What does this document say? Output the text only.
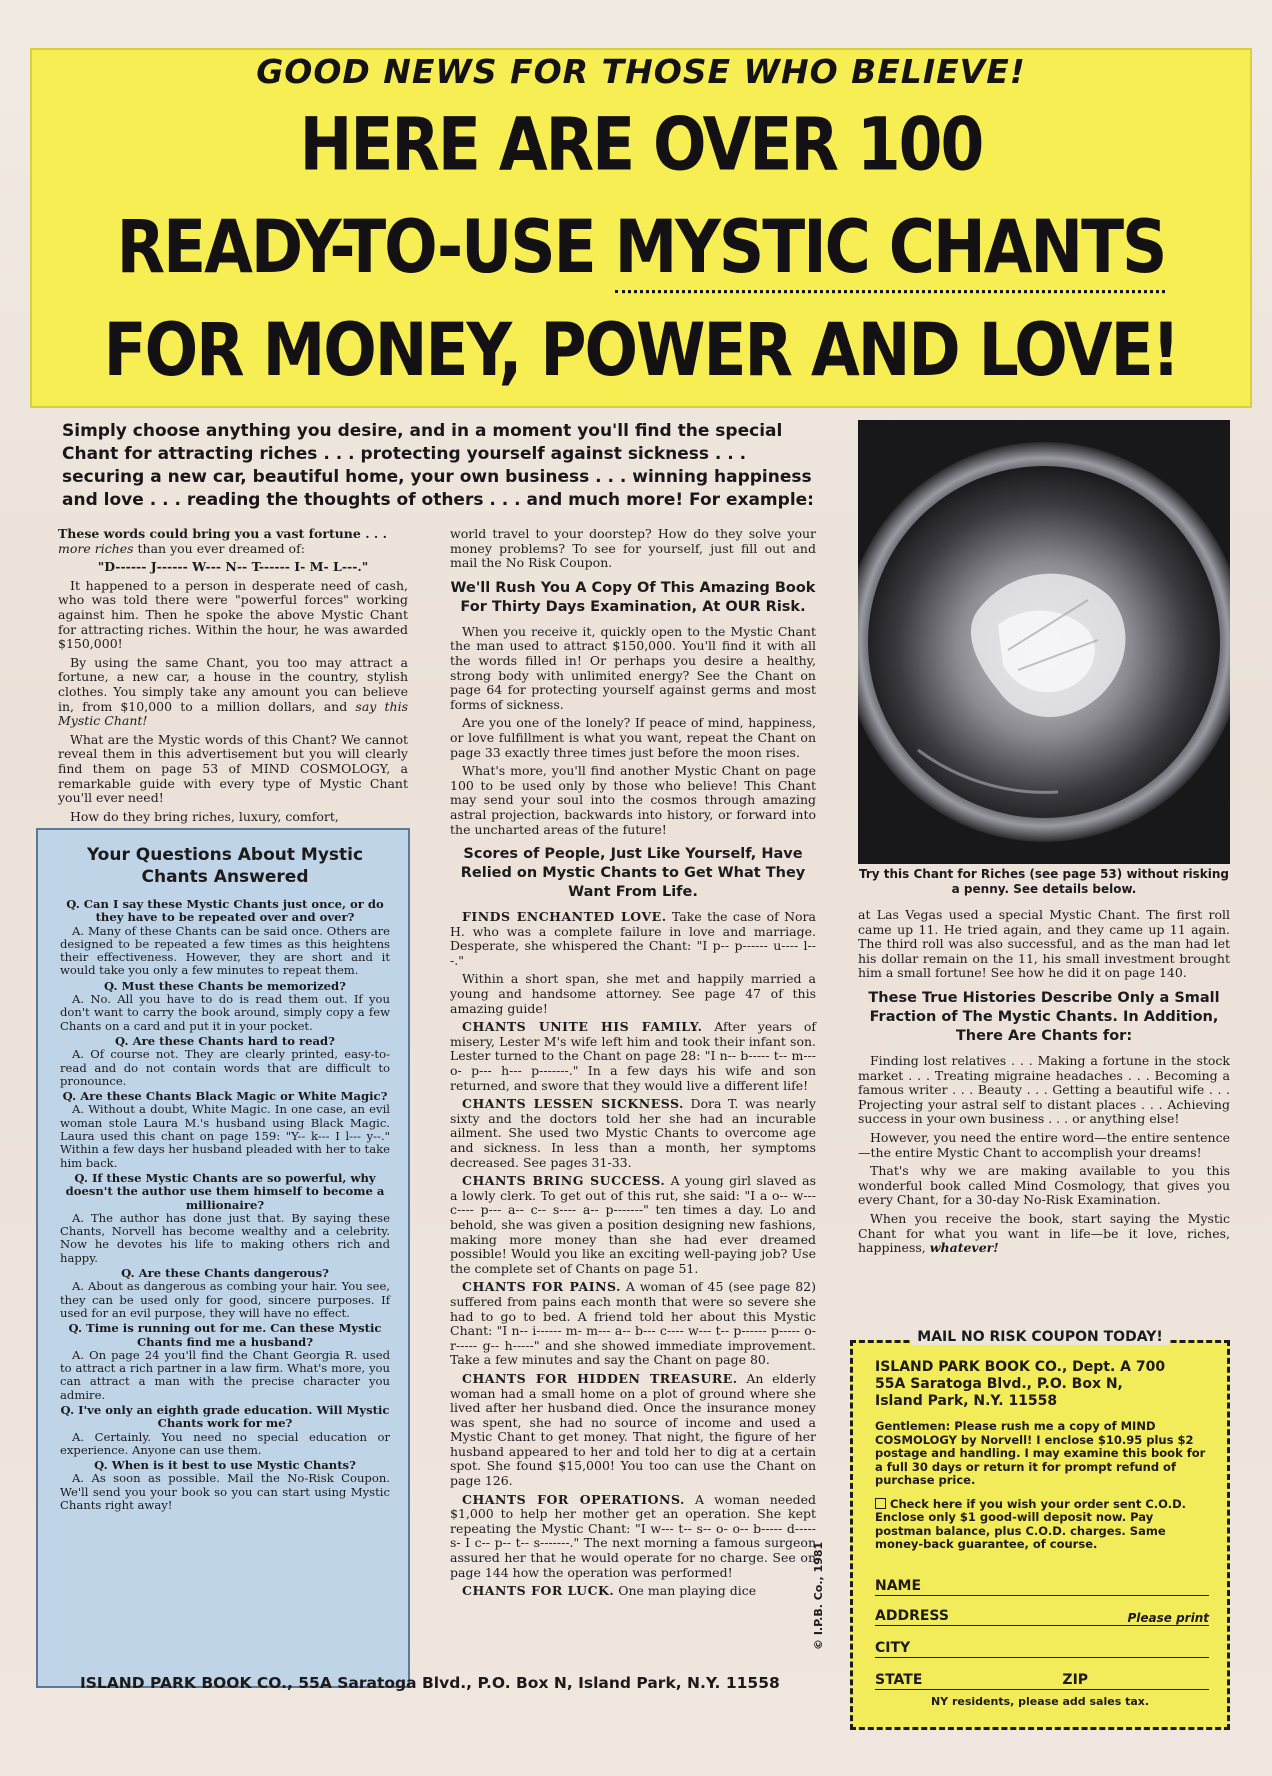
GOOD NEWS FOR THOSE WHO BELIEVE!
HERE ARE OVER 100
READY-TO-USE MYSTIC CHANTS
FOR MONEY, POWER AND LOVE!
Simply choose anything you desire, and in a moment you'll find the special Chant for attracting riches . . . protecting yourself against sickness . . . securing a new car, beautiful home, your own business . . . winning happiness and love . . . reading the thoughts of others . . . and much more! For example:
Try this Chant for Riches (see page 53) without risking a penny. See details below.

These words could bring you a vast fortune . . .
more riches than you ever dreamed of:

"D------ J------ W--- N-- T------ I- M- L---."

It happened to a person in desperate need of cash, who was told there were "powerful forces" working against him. Then he spoke the above Mystic Chant for attracting riches. Within the hour, he was awarded $150,000!

By using the same Chant, you too may attract a fortune, a new car, a house in the country, stylish clothes. You simply take any amount you can believe in, from $10,000 to a million dollars, and say this Mystic Chant!

What are the Mystic words of this Chant? We cannot reveal them in this advertisement but you will clearly find them on page 53 of MIND COSMOLOGY, a remarkable guide with every type of Mystic Chant you'll ever need!

How do they bring riches, luxury, comfort,

Your Questions About Mystic Chants Answered
Q. Can I say these Mystic Chants just once, or do they have to be repeated over and over?
A. Many of these Chants can be said once. Others are designed to be repeated a few times as this heightens their effectiveness. However, they are short and it would take you only a few minutes to repeat them.
Q. Must these Chants be memorized?
A. No. All you have to do is read them out. If you don't want to carry the book around, simply copy a few Chants on a card and put it in your pocket.
Q. Are these Chants hard to read?
A. Of course not. They are clearly printed, easy-to-read and do not contain words that are difficult to pronounce.
Q. Are these Chants Black Magic or White Magic?
A. Without a doubt, White Magic. In one case, an evil woman stole Laura M.'s husband using Black Magic. Laura used this chant on page 159: "Y-- k--- I l--- y--." Within a few days her husband pleaded with her to take him back.
Q. If these Mystic Chants are so powerful, why doesn't the author use them himself to become a millionaire?
A. The author has done just that. By saying these Chants, Norvell has become wealthy and a celebrity. Now he devotes his life to making others rich and happy.
Q. Are these Chants dangerous?
A. About as dangerous as combing your hair. You see, they can be used only for good, sincere purposes. If used for an evil purpose, they will have no effect.
Q. Time is running out for me. Can these Mystic Chants find me a husband?
A. On page 24 you'll find the Chant Georgia R. used to attract a rich partner in a law firm. What's more, you can attract a man with the precise character you admire.
Q. I've only an eighth grade education. Will Mystic Chants work for me?
A. Certainly. You need no special education or experience. Anyone can use them.
Q. When is it best to use Mystic Chants?
A. As soon as possible. Mail the No-Risk Coupon. We'll send you your book so you can start using Mystic Chants right away!

world travel to your doorstep? How do they solve your money problems? To see for yourself, just fill out and mail the No Risk Coupon.

We'll Rush You A Copy Of This Amazing Book For Thirty Days Examination, At OUR Risk.

When you receive it, quickly open to the Mystic Chant the man used to attract $150,000. You'll find it with all the words filled in! Or perhaps you desire a healthy, strong body with unlimited energy? See the Chant on page 64 for protecting yourself against germs and most forms of sickness.

Are you one of the lonely? If peace of mind, happiness, or love fulfillment is what you want, repeat the Chant on page 33 exactly three times just before the moon rises.

What's more, you'll find another Mystic Chant on page 100 to be used only by those who believe! This Chant may send your soul into the cosmos through amazing astral projection, backwards into history, or forward into the uncharted areas of the future!

Scores of People, Just Like Yourself, Have Relied on Mystic Chants to Get What They Want From Life.

FINDS ENCHANTED LOVE. Take the case of Nora H. who was a complete failure in love and marriage. Desperate, she whispered the Chant: "I p-- p------ u---- l---."

Within a short span, she met and happily married a young and handsome attorney. See page 47 of this amazing guide!

CHANTS UNITE HIS FAMILY. After years of misery, Lester M's wife left him and took their infant son. Lester turned to the Chant on page 28: "I n-- b----- t-- m--- o- p--- h--- p-------." In a few days his wife and son returned, and swore that they would live a different life!

CHANTS LESSEN SICKNESS. Dora T. was nearly sixty and the doctors told her she had an incurable ailment. She used two Mystic Chants to overcome age and sickness. In less than a month, her symptoms decreased. See pages 31-33.

CHANTS BRING SUCCESS. A young girl slaved as a lowly clerk. To get out of this rut, she said: "I a o-- w--- c---- p--- a-- c-- s---- a-- p-------" ten times a day. Lo and behold, she was given a position designing new fashions, making more money than she had ever dreamed possible! Would you like an exciting well-paying job? Use the complete set of Chants on page 51.

CHANTS FOR PAINS. A woman of 45 (see page 82) suffered from pains each month that were so severe she had to go to bed. A friend told her about this Mystic Chant: "I n-- i------ m- m--- a-- b--- c---- w--- t-- p------ p----- o- r----- g-- h-----" and she showed immediate improvement. Take a few minutes and say the Chant on page 80.

CHANTS FOR HIDDEN TREASURE. An elderly woman had a small home on a plot of ground where she lived after her husband died. Once the insurance money was spent, she had no source of income and used a Mystic Chant to get money. That night, the figure of her husband appeared to her and told her to dig at a certain spot. She found $15,000! You too can use the Chant on page 126.

CHANTS FOR OPERATIONS. A woman needed $1,000 to help her mother get an operation. She kept repeating the Mystic Chant: "I w--- t-- s-- o- o-- b----- d----- s- I c-- p-- t-- s-------." The next morning a famous surgeon assured her that he would operate for no charge. See on page 144 how the operation was performed!

CHANTS FOR LUCK. One man playing dice

at Las Vegas used a special Mystic Chant. The first roll came up 11. He tried again, and they came up 11 again. The third roll was also successful, and as the man had let his dollar remain on the 11, his small investment brought him a small fortune! See how he did it on page 140.

These True Histories Describe Only a Small Fraction of The Mystic Chants. In Addition, There Are Chants for:

Finding lost relatives . . . Making a fortune in the stock market . . . Treating migraine headaches . . . Becoming a famous writer . . . Beauty . . . Getting a beautiful wife . . . Projecting your astral self to distant places . . . Achieving success in your own business . . . or anything else!

However, you need the entire word—the entire sentence—the entire Mystic Chant to accomplish your dreams!

That's why we are making available to you this wonderful book called Mind Cosmology, that gives you every Chant, for a 30-day No-Risk Examination.

When you receive the book, start saying the Mystic Chant for what you want in life—be it love, riches, happiness, whatever!

ISLAND PARK BOOK CO., Dept. A 700
55A Saratoga Blvd., P.O. Box N,
Island Park, N.Y. 11558
Gentlemen: Please rush me a copy of MIND COSMOLOGY by Norvell! I enclose $10.95 plus $2 postage and handling. I may examine this book for a full 30 days or return it for prompt refund of purchase price.
Check here if you wish your order sent C.O.D. Enclose only $1 good-will deposit now. Pay postman balance, plus C.O.D. charges. Same money-back guarantee, of course.
NAME
Please print
ADDRESS
CITY
STATE	ZIP
NY residents, please add sales tax.
MAIL NO RISK COUPON TODAY!
© I.P.B. Co., 1981
ISLAND PARK BOOK CO., 55A Saratoga Blvd., P.O. Box N, Island Park, N.Y. 11558
